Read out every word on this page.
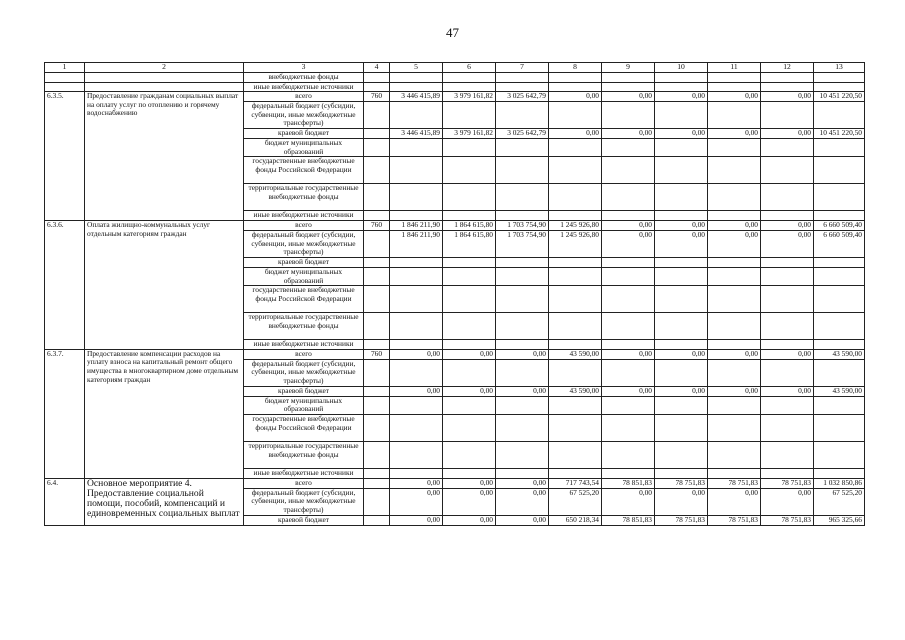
47
1	2	3	4	5	6	7	8	9	10	11	12	13
		внебюджетные фонды										
		иные внебюджетные источники										
6.3.5.	Предоставление гражданам социальных выплат на оплату услуг по отоплению и горячему водоснабжению	всего	760	3 446 415,89	3 979 161,82	3 025 642,79	0,00	0,00	0,00	0,00	0,00	10 451 220,50
		федеральный бюджет (субсидии, субвенции, иные межбюджетные трансферты)										
		краевой бюджет		3 446 415,89	3 979 161,82	3 025 642,79	0,00	0,00	0,00	0,00	0,00	10 451 220,50
		бюджет муниципальных образований										
		государственные внебюджетные фонды Российской Федерации										
		территориальные государственные внебюджетные фонды										
		иные внебюджетные источники										
6.3.6.	Оплата жилищно-коммунальных услуг отдельным категориям граждан	всего	760	1 846 211,90	1 864 615,80	1 703 754,90	1 245 926,80	0,00	0,00	0,00	0,00	6 660 509,40
		федеральный бюджет (субсидии, субвенции, иные межбюджетные трансферты)		1 846 211,90	1 864 615,80	1 703 754,90	1 245 926,80	0,00	0,00	0,00	0,00	6 660 509,40
		краевой бюджет										
		бюджет муниципальных образований										
		государственные внебюджетные фонды Российской Федерации										
		территориальные государственные внебюджетные фонды										
		иные внебюджетные источники										
6.3.7.	Предоставление компенсации расходов на уплату взноса на капитальный ремонт общего имущества в многоквартирном доме отдельным категориям граждан	всего	760	0,00	0,00	0,00	43 590,00	0,00	0,00	0,00	0,00	43 590,00
		федеральный бюджет (субсидии, субвенции, иные межбюджетные трансферты)										
		краевой бюджет		0,00	0,00	0,00	43 590,00	0,00	0,00	0,00	0,00	43 590,00
		бюджет муниципальных образований										
		государственные внебюджетные фонды Российской Федерации										
		территориальные государственные внебюджетные фонды										
		иные внебюджетные источники										
6.4.	Основное мероприятие 4. Предоставление социальной помощи, пособий, компенсаций и единовременных социальных выплат	всего		0,00	0,00	0,00	717 743,54	78 851,83	78 751,83	78 751,83	78 751,83	1 032 850,86
		федеральный бюджет (субсидии, субвенции, иные межбюджетные трансферты)		0,00	0,00	0,00	67 525,20	0,00	0,00	0,00	0,00	67 525,20
		краевой бюджет		0,00	0,00	0,00	650 218,34	78 851,83	78 751,83	78 751,83	78 751,83	965 325,66
